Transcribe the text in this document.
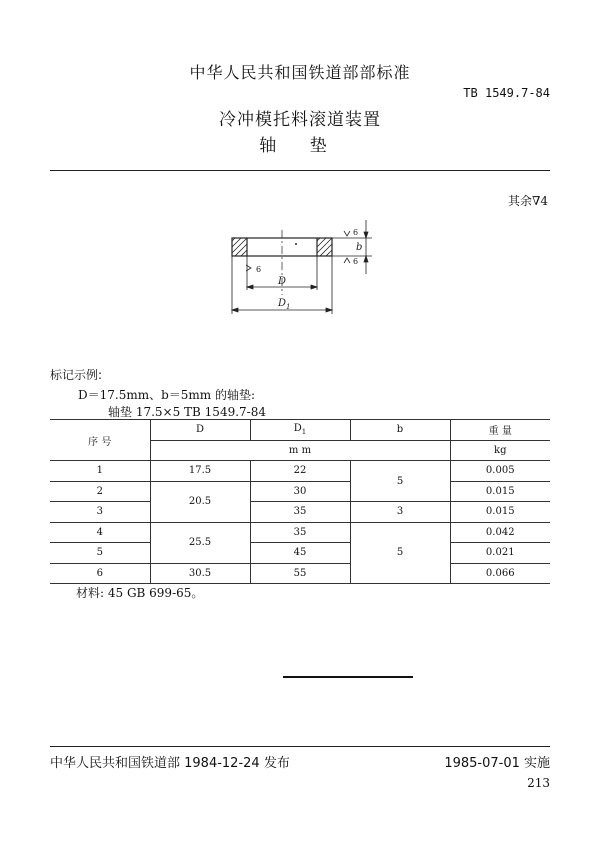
中华人民共和国铁道部部标准
TB 1549.7-84
冷冲模托料滚道装置
轴 垫
其余∇4
6
6
6
b
D
$D_1$
标记示例:
D＝17.5mm、b＝5mm 的轴垫:
轴垫 17.5×5 TB 1549.7-84
序 号	D	$D_1$	b	重 量
	m m			kg
1	17.5	22	5	0.005
2	20.5	30		0.015
3		35	3	0.015
4	25.5	35	5	0.042
5		45		0.021
6	30.5	55		0.066
材料: 45 GB 699-65。
中华人民共和国铁道部 1984-12-24 发布	1985-07-01 实施
213
